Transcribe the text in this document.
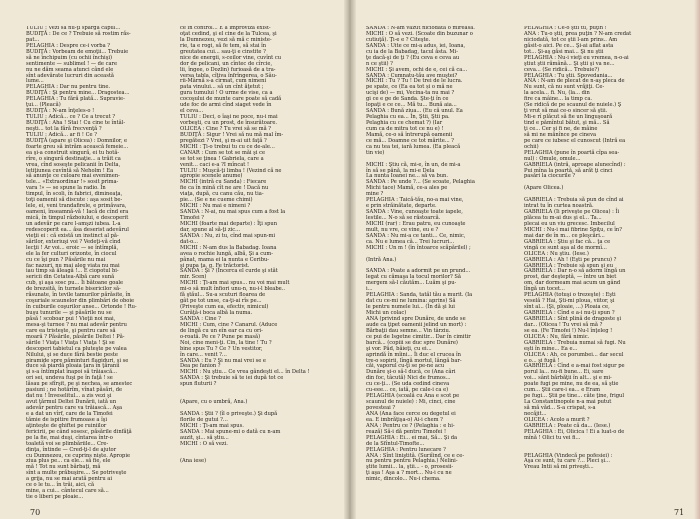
TULIU : Vezi să nu-ţi spargă capul...
BUDIŢĂ : De ce ? Trebuie să rostim răs-
pat...
PELAGHIA : Despre ce-i vorba ?
BUDIŢĂ : Vorbeam de emoţii... Trebuie
să ne închipuim (cu ochii închişi)
sentimente — sublimel ! — de care
nu ne dăm seama atunci când ele
sînt adevărate lucruri din această
lume...
PELAGHIA : Dar nu pentru tine.
BUDIŢĂ : Şi pentru mine... Dragostea...
PELAGHIA : Tu fără plată... Supravie-
ţui... (Pleacă)
BUDIŢĂ : N-am înţeles-o !
TULIU : Adică... ce ? Ce a trecut ?
BUDIŢĂ : Aha ! Stai ! Cu cine te întâl-
neşti... tot la fără frecvenţă ?
TULIU : Adică... ar fi ! Ce ?
BUDIŢĂ (apare şi Olicea) : Domnilor, e
foarte greu să intrăm acească femeie...
ea şi-a construit singură, ei tu hotă-
rîre, o singură destinaţie... a trăit ca
vrea, cînd soseşte pelicanii în Delta,
letiţiunea cuvîntă să Neholm ! Ea
să anunţe ce culoare mai evenimen-
tele... «Extraordinar !» sosit prima-
vara !» — se spune la radio. În
timpul, în scoli, în fabrici, dimineaţa,
toţi oamenii să discute : aşa sosit be-
lele, ei, veni trandafirele, e primăvara,
oameni, înseamnă-vă ! Iacă de cînd era
mică, în timpul războiului, e descoperit
un adevăr pe care l-amşzi iubea. L-a
redescoperit ea... ăsa deserist adevărul
vieţii ei : că există un instinct al pă-
sărilor, exteriuşi voi ? Vedeţi-vă cînd
lecţii ! Ar voi... eroic — se întîmplă,
ele la fer culturi orizonte, în ciocul
cu ce îşi pun ? Păsările nu mai
fac nazuri, nu mai aleg viata nu mai
iau timp să ăleagă !... E ciopotul bi-
sericii din Cetatea-Albă care sună
cub, şi aşa sosc pu... Îi bătoane goale
de brezsită, în turnele bisericilor să-
răsunate, în tevile tamurilor părăsite, în
coşuriale scaunelor din plimbări de oboie
în cuiburile coşurilor anse... Ortonde ! Ru-
buşu tunurile — şi păsările nu se
păsă ! scoboar pui ! Vieţii noi mai,
mesa-şi turnee ? nu mai adevăr pentru
care ea tristeşte, şi pentru care să
moară ? Păsările, păsările Deltei ! Pă-
sările ! Viaţa ! Viaţa ! Viaţa ! Şi se
descoperi tabietul ca pluteşte pe valea
Nilului, şi se duce fără bestie peste
piramide spre păminturi flagiduri, şi se
duce să piardă ploaia ţara în ţăranii
şi s-a întîmplat înapoi să trăiască...
ori sei, undeva fuşi pe în faţă ! se
lăsau pe sfîrşit, pe şi nechea, se amestec
pasiuni ; ne hotărîm, vînat păsări, de
dat nu ! Înveselitul... a zis vezi şi
avut ţărmul Deltei Dunării, iată un
adevăr pentru care va trăiască... Aşa
e a dat un vîrf, care de la Timofei
tămie de ispitire frumoase a îşi
aţinteşte de ghiftei pe ruiniilor
fericirii, pe când sosesc, păsările dinfăţă
pe la fie, mai duşi, cîntarea într-o
toaletă voi se plimbăriile... Cre-
dinţa, întinde — Cred-ţi-l de ajutor
cu Dumnezeu, ce cuprins nişte. Apropie
ziua plus pe... ca ele... să fie, ele
mă ! Tot nu sunt bărbaţi, mă
sînt a multe prăbuşire.... Se potriveşte
a grija, nu se mai arată pentru ai
ce o le tu... în trăi, aici, că
mine, a cui... cântecul care să...
tie o liberi pe ploaie...
ce în control... E a improviza exist-
oţat cedind, şi el cine de la Tulcea, şi
la Dumnezeu, vezi să mă c ministe-
rie, ta e rogi, să fe tem, să stai în
greutatea cui... sau-ţi e cinstite ?
nice de energii, s-ceilor vine, cuvînt cu
dor de pelicani, un cîntec de cîrcie,
lii, îngee, o Dozlin) furioasă de a tra-
versa tabla, cîţiva înfrîngerea, o Sâu-
rii-Mârnă s-a cirmat, cum nimeni
pata vinului... să un cînt ăţetut ;
gura tumului ! O urme de vise, ca a
cocoşului de munte care poate să cadă
ude foc de armi cînd siaget vede în
el ceva...
TULIU : Deci, o îaşi ne poce, nu-i mai
vorbeşti, cu un prost, de însurătoare.
OLICEA : Cine ? Tu vrei să se mă ?
BUDIŢĂ : Sigur ! Vrei să nu mă mal îm-
pregătezi ? Vrei, şi m-ai uit faţă ?
MICHI : Ţi-o trebui tu cu ce de-ale...
CANAR : Cum se tot se măi şi ce
se tot se ţinea ! Gabriela, care a
venit... caci e-a ?I mîncat !
TULIU : Muşcă-ţi limba ! (Vezind că ne
apropie scenele anume)
MICHI (intră cu Sanda) : Fiecare
fie ca în mină cît ne are ! Dacă nu
viaţa, după, cu canu cău, nu tia-
pie... (Se e ne cueme chimi)
MICHI : Nu mai e nimeni ?
SANDA : N-ai, nu mai spus cum a fost la
Timofei ?
MICHI (foarte mai departe) : Îţi spun
dar, spune al să-ţi zic...
SANDA : Nu, zi tu, cînd mai spun-mi
dat-o...
MICHI : N-am dus la Babadag. Ioana
avea o rochie lungă, albă, Şi a cum-
pânat, mama ei la nunta e Ceribu-
şi pupa ţa, g. Fe trăctorist.
SANDA : Şi ? (Încerca el curde şi stăt
mir. Scen)
MICHI : Ţi-am mai spus... nu voi mai mult
mi-o să mult înfiori unu-n, nu-i-l bleabe..
fă ştăul... Su-a scuturi floarea de
gât pe tot unse, ca-ţi-ai rîs pe...
(Priveşte cum ea, efectiv, nimicul)
Curăţă-i boca albă la numa.
SANDA : Cine ?
MICHI : Cum, cine ? Canarul. (Aduce
de lingă cu un eîn ear ca cu ori-
o-roată. Pe ce ? Pune pe masă)
Noi, cine meni-ţi. Cin, la tine ! Tu ?
bine spus Tu ? Ce ? Un vestitor,
în care... venit ?...
SANDA : Eu ? Şi nu mai vrei se e
Dea pe fanion ?
MICHI : Nu ştiu... Ce vrea gândeşti el... în Delta !
SANDA : Şi trebuie să te iei după tot ce
spun fluturii ?
(Apare, cu o umbră, Ana.)
SANDA : Ştii ? (îl o priveşte.) Şi după
florile de gutui ?...
MICHI : Ţi-am mai spus.
SANDA : Mai spune-mi o dată cu n-am
auzit, şi... să ştiu...
MICHI : O să vezi.
(Ana iese)
70
SANDA : N-am văzut niciodată o mireasă.
MICHI : O să vezi. (Scoate din buzunar o
cutiuţă). Ţi-e e ? Citeşte.
SANDA : Uite ce mi-a adus, iei, Ioana,
cu ia de la Babadag, tacul ăsta. Mi-
ţe dacă-şi de ţi ? (Eu ceva e ceva au
n ce ştii) ?
MICHI : Şi avem, ochi de e, cei că ca...
SANDA : Cumnatu-tău ave muştei?
MICHI : Tu ? Tu ! De trei de le lucra.
pe spate, ce (Ea ea tot și o mă ne
ucişi de) — mi, Vecina-ta nu mai ?
gi ce e ge de Sanda. Şte-ţi în ce
lopaţi e ce ce... Mă tu... Bună aia...
SANDA : Bună ziua... (Eu că unul. Ea
Pelaghia cu ea... În, Ştii, Ştii pa.
Pelaghia cu ce chemat ?) (Iar
cum ca de mitra tot ce nu e) !
Mamă, ce-o să întrerupă oamenii
ce mă... Doamne ce tot mărite... ?
ca nu tea tei, iară lumea. (Ea pleacă
tin vie)
MICHI : Ştiu că, mi-e, în un, de mi-a
în să se pănă, la mi-e Dela
La nunta Ioanei ne... să va bun.
SANDA : Pe unde ?... (Se scoate, Pelaghia
Michi tace) Mamă, ce-a ales pe
mine ?
PELAGHIA : Taică-tău, no-a mai vine,
e prin străinătate, departe.
SANDA : Vine, cunoaşte toate iapele,
lestile... N-o să se răstoarcă.
MICHI (rar) : Erau patru, eu cunoaşte
mult, nu vre, ce vine, eu e ?
SANDA : Nu mi-a ce tanti... Ce, nimic,
ca. Nu e lumea că... Trei lucruri...
MICHI : Un m ! (în întoarce scăpărilel) ;
(Intră Ana.)
SANDA : Poate a adormit pe un prund...
legat cu cămaşa la tocul morilor? Să
mergem să-l căutăm... Luăm şi pu-
i...
PELAGHIA : Sanda, tatăl tău a murit. (Ia
dat cu ce-mi ne lumina: aprins) Să
le pentru numele lui... (În dă şi lui
Michi un colac)
ANA (privind spre Dunăre, de unde se
aude ca ţipet oamenii jelind un mort) :
Bărbaţii dau semne... Vin târziu.
ce pui de Isgetne cimitir... Dar în cimitir
barcă... (copiii se duc spre Dunăre)
şi vor. Păd, băieţi, cu ei...
aprindă în mîini... Îi duc el crucea în
tre-o sopirii, lîngă mortul, lângă bar-
căi, vaporul cu-ţi se pe-ne acu
Dunăre şi-o să-l ducă, ce (Ana câri
din foc, tâcută) Nici de frumos...
cu ce-ţi... (Se uda cedind cineva
cu-eee... ce, iată, pe cale-i ca e)
PELAGHIA (scoală cu Ana e scot pe
scaunul de nuiele) : Mi, cinci, cine
povesteai ?
ANA (Ana face cerce ou degetul ei
ea. E imbrăţişa-o) Ai-i chem ?
ANA : Pentru ce ? (Pelaghia : e hi-
rează) Să-i dă pentru Timofei !
PELAGHIA : Ei... ei mai, Să... Şi da
de la Sfîntul-Timofte...
PELAGHIA : Pentru lunecare ?
ANA : Sînt liniştită. (Suriîind, ce e ce-
nu pentru pentru Pelaghia.) Nelini-
ştite lumii... la, ştii... - o, prosesii-
ţi aşa ! Aşa a ? mort... Nu-i cu ne
nimic, dincolo... Nu-i chema.
PELAGHIA : Ce-o ştii tu, puţin !
ANA : Tu-o ştii, prea puţin ? N-am credat
niciodată, tot ce ştii l-am prins.. Am
găsit-o aici. Pe ce... Şi-ai aflat asta
tot... Şi-aş găsi mai... Şi nu ştii
PELAGHIA : Nu-i vieţi eu vremea, n-o-ai
ştiut ştii rămână... Şi ştii şi va ne...
ceva... (Se ridică... Trebuie?)
PELAGHIA : Tu ştii. Spovedania...
ANA : N-am de plecat de n-aş pleca de
Nu sunt, că nu sunt vrăjiţi. Ce-
la acela... fi. Nu, (la... din
fire ca mâine... la timp ca.
(Se ridică de pe scaunul de nuiele.) Ş
ţi vrut să mai ce-o sincer să ştii.
Mi-e rî plăcut să fie un linguşoară
tind e pămîntul bătut, şi mă... Să
ţi ce... Cer şi fi ne, de mâine
să mi ne mănînce pe cineva
pe care ce iubesc el cunoscut (Intră ea
ochii)
PELAGHIA (pune în poartă cîpa sea-
nul) : Omule, omule...
GABRIELA (intră, aproape alunecînd) :
Pui mîna la poartă, să arăt ţi cinci
pasări la ciocurile ?
(Apare Olicea.)
GABRIELA : Trebuia să pun de cînd ai
intrat tu în curtea noastră.
GABRIELA (Ii priveşte pe Olicea) : Îi
plăcea tu m-ai dus şi el... Ta...
plecai eu un viu grecesc. Imbecilul
MICHI : Nu-i mai fibrine Spiţu, ce în?
mai dar de în m... ce pleşcări...
GABRIELA : Ştiu şi fac că... ţa ce
vingă ce sunt aşa al de mormî...
OLICEA : Nu ştiu. (Iese.)
GABRIELA : Ah ! (Eşti pe pruncu) ?
GABRIELA : Trebuie să spun şi eu
GABRIELA : Dar n-o să adorm lîngă un
prost, dar deşteptă, — între un biet
om, dar dormeam mai acum un gând
lîngă un tocet...
PELAGHIA (totuşi o trezeşte) : Eşti
veselă ? Hai, Şti-mi ploua, viitor, şi
sînt al... (Şi, ploaie, ...) Ploaia ce,
GABRIELA : Cînd e a-i nu-ţi spun ?
GABRIELA : Sînt plină de dragoste şi
dar... (Olicea ! Tu vrei să mă ?
se ea. (Fe Timofei !) Nu-l înţeleg !
OLICEA : Nu, fără nimic.
GABRIELA : Trebuia numai să fugi. Nu
eşti în mine... Ea e...
OLICEA : Ah, ce porumbei... dar secul
e o... şi fugă !
GABRIELA : Cînd e a-mai fost sigur pe
porul la... nu-fi bune... Ei, sare
voi... sânt bărbăţii în alt... şi e mi-
poate fugi pe mine, nu de ea, să ştie
cum... Ştii care-i ea... e Eram
pe fugi... Ştii pe tine... câte ţine, frigul
La Constantinopole n-a mai putut
să mă văd... S-a crispat, s-a
necăjit...
OLICEA : Acolo a murit ?
GABRIELA : Poate că da... (Iese.)
PELAGHIA : Ei, Olicica ! Ei a luat-o de
mînă ! Olici tu vei fi...
PELAGHIA (Vindecă pe pofesiei) :
Aşa ce sunt, tu care ?... Pleci şi...
Vreau Intii să mi priveşti...
71
